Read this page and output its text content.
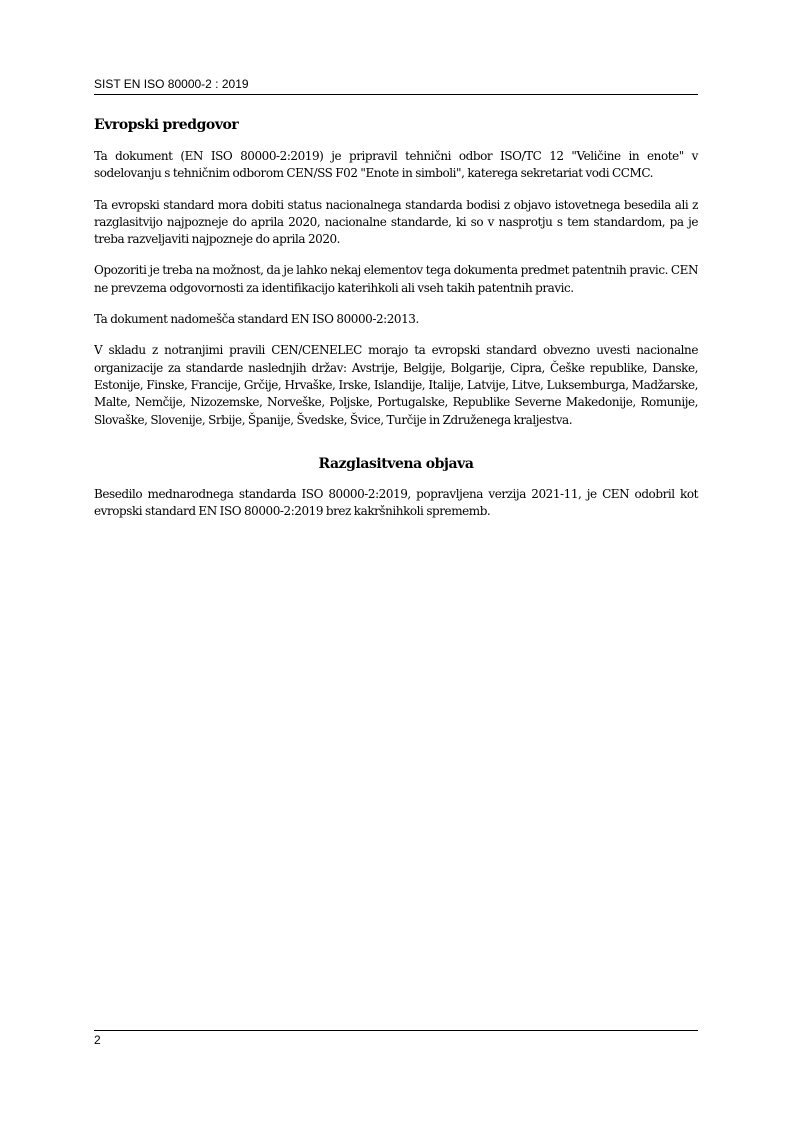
SIST EN ISO 80000-2 : 2019
Evropski predgovor

Ta dokument (EN ISO 80000-2:2019) je pripravil tehnični odbor ISO/TC 12 "Veličine in enote" v sodelovanju s tehničnim odborom CEN/SS F02 "Enote in simboli", katerega sekretariat vodi CCMC.

Ta evropski standard mora dobiti status nacionalnega standarda bodisi z objavo istovetnega besedila ali z razglasitvijo najpozneje do aprila 2020, nacionalne standarde, ki so v nasprotju s tem standardom, pa je treba razveljaviti najpozneje do aprila 2020.

Opozoriti je treba na možnost, da je lahko nekaj elementov tega dokumenta predmet patentnih pravic. CEN ne prevzema odgovornosti za identifikacijo katerihkoli ali vseh takih patentnih pravic.

Ta dokument nadomešča standard EN ISO 80000-2:2013.

V skladu z notranjimi pravili CEN/CENELEC morajo ta evropski standard obvezno uvesti nacionalne organizacije za standarde naslednjih držav: Avstrije, Belgije, Bolgarije, Cipra, Češke republike, Danske, Estonije, Finske, Francije, Grčije, Hrvaške, Irske, Islandije, Italije, Latvije, Litve, Luksemburga, Madžarske, Malte, Nemčije, Nizozemske, Norveške, Poljske, Portugalske, Republike Severne Makedonije, Romunije, Slovaške, Slovenije, Srbije, Španije, Švedske, Švice, Turčije in Združenega kraljestva.

Razglasitvena objava

Besedilo mednarodnega standarda ISO 80000-2:2019, popravljena verzija 2021-11, je CEN odobril kot evropski standard EN ISO 80000-2:2019 brez kakršnihkoli sprememb.

2
